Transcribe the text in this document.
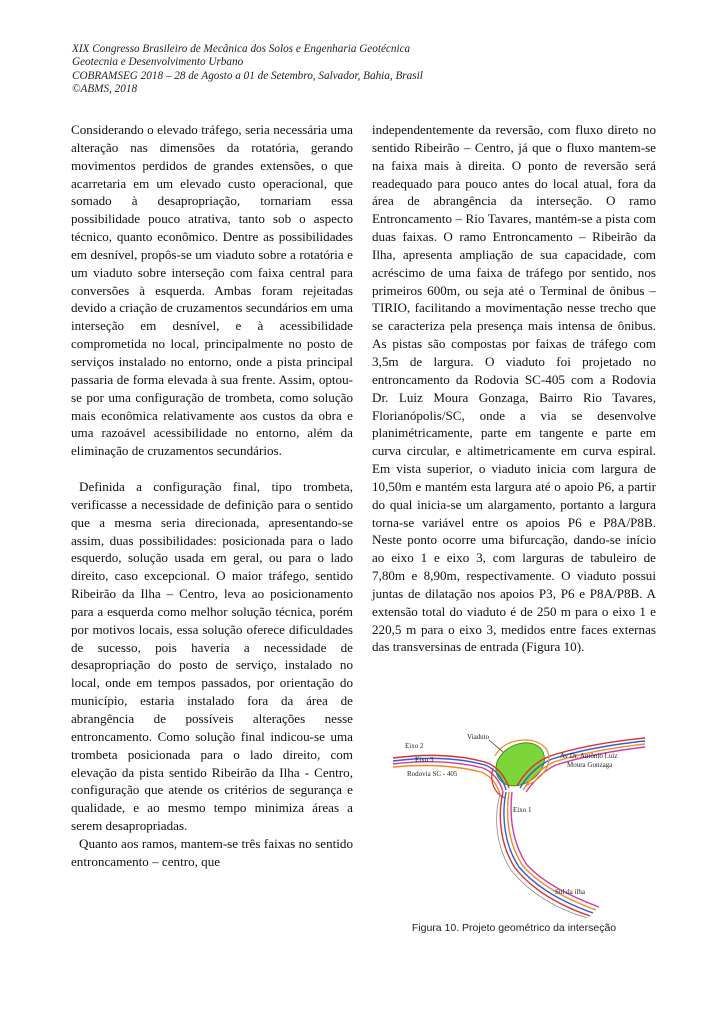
XIX Congresso Brasileiro de Mecânica dos Solos e Engenharia Geotécnica
Geotecnia e Desenvolvimento Urbano
COBRAMSEG 2018 – 28 de Agosto a 01 de Setembro, Salvador, Bahia, Brasil
©ABMS, 2018

Considerando o elevado tráfego, seria necessária uma alteração nas dimensões da rotatória, gerando movimentos perdidos de grandes extensões, o que acarretaria em um elevado custo operacional, que somado à desapropriação, tornariam essa possibilidade pouco atrativa, tanto sob o aspecto técnico, quanto econômico. Dentre as possibilidades em desnível, propôs-se um viaduto sobre a rotatória e um viaduto sobre interseção com faixa central para conversões à esquerda. Ambas foram rejeitadas devido a criação de cruzamentos secundários em uma interseção em desnível, e à acessibilidade comprometida no local, principalmente no posto de serviços instalado no entorno, onde a pista principal passaria de forma elevada à sua frente. Assim, optou-se por uma configuração de trombeta, como solução mais econômica relativamente aos custos da obra e uma razoável acessibilidade no entorno, além da eliminação de cruzamentos secundários.

Definida a configuração final, tipo trombeta, verificasse a necessidade de definição para o sentido que a mesma seria direcionada, apresentando-se assim, duas possibilidades: posicionada para o lado esquerdo, solução usada em geral, ou para o lado direito, caso excepcional. O maior tráfego, sentido Ribeirão da Ilha – Centro, leva ao posicionamento para a esquerda como melhor solução técnica, porém por motivos locais, essa solução oferece dificuldades de sucesso, pois haveria a necessidade de desapropriação do posto de serviço, instalado no local, onde em tempos passados, por orientação do município, estaria instalado fora da área de abrangência de possíveis alterações nesse entroncamento. Como solução final indicou-se uma trombeta posicionada para o lado direito, com elevação da pista sentido Ribeirão da Ilha - Centro, configuração que atende os critérios de segurança e qualidade, e ao mesmo tempo minimiza áreas a serem desapropriadas.

Quanto aos ramos, mantem-se três faixas no sentido entroncamento – centro, que

independentemente da reversão, com fluxo direto no sentido Ribeirão – Centro, já que o fluxo mantem-se na faixa mais à direita. O ponto de reversão será readequado para pouco antes do local atual, fora da área de abrangência da interseção. O ramo Entroncamento – Rio Tavares, mantém-se a pista com duas faixas. O ramo Entroncamento – Ribeirão da Ilha, apresenta ampliação de sua capacidade, com acréscimo de uma faixa de tráfego por sentido, nos primeiros 600m, ou seja até o Terminal de ônibus – TIRIO, facilitando a movimentação nesse trecho que se caracteriza pela presença mais intensa de ônibus. As pistas são compostas por faixas de tráfego com 3,5m de largura. O viaduto foi projetado no entroncamento da Rodovia SC-405 com a Rodovia Dr. Luiz Moura Gonzaga, Bairro Rio Tavares, Florianópolis/SC, onde a via se desenvolve planimétricamente, parte em tangente e parte em curva circular, e altimetricamente em curva espiral. Em vista superior, o viaduto inicia com largura de 10,50m e mantém esta largura até o apoio P6, a partir do qual inicia-se um alargamento, portanto a largura torna-se variável entre os apoios P6 e P8A/P8B. Neste ponto ocorre uma bifurcação, dando-se início ao eixo 1 e eixo 3, com larguras de tabuleiro de 7,80m e 8,90m, respectivamente. O viaduto possui juntas de dilatação nos apoios P3, P6 e P8A/P8B. A extensão total do viaduto é de 250 m para o eixo 1 e 220,5 m para o eixo 3, medidos entre faces externas das transversinas de entrada (Figura 10).

Viaduto
Eixo 2
Eixo 3	Av Dr. Antônio Luiz
Moura Gonzaga
Rodovia SC - 405
Eixo 1
Sul da ilha
Figura 10. Projeto geométrico da interseção
